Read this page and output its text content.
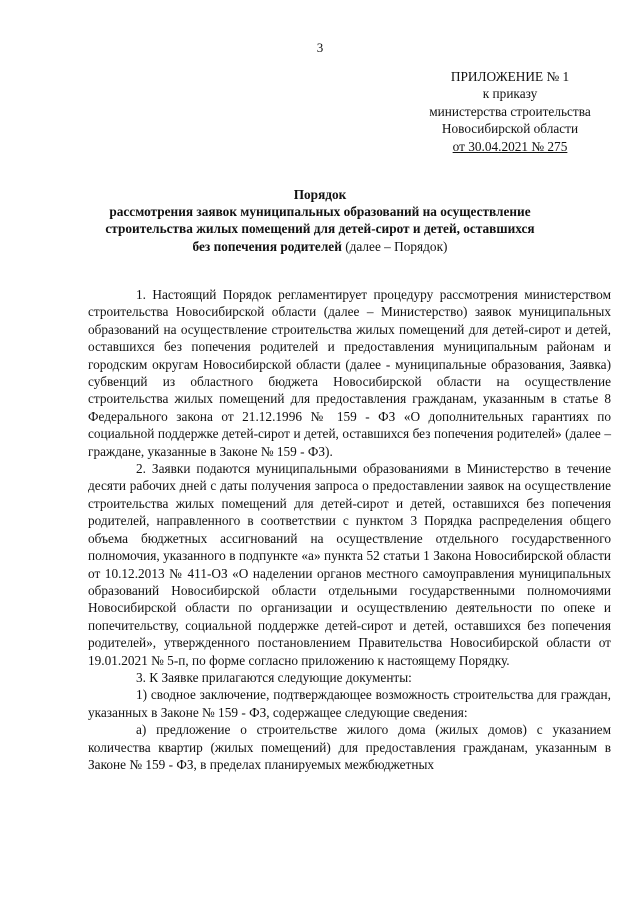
3
ПРИЛОЖЕНИЕ № 1
к приказу
министерства строительства
Новосибирской области
от 30.04.2021 № 275
Порядок
рассмотрения заявок муниципальных образований на осуществление строительства жилых помещений для детей-сирот и детей, оставшихся без попечения родителей (далее – Порядок)

1. Настоящий Порядок регламентирует процедуру рассмотрения министерством строительства Новосибирской области (далее – Министерство) заявок муниципальных образований на осуществление строительства жилых помещений для детей-сирот и детей, оставшихся без попечения родителей и предоставления муниципальным районам и городским округам Новосибирской области (далее - муниципальные образования, Заявка) субвенций из областного бюджета Новосибирской области на осуществление строительства жилых помещений для предоставления гражданам, указанным в статье 8 Федерального закона от 21.12.1996 № 159 - ФЗ «О дополнительных гарантиях по социальной поддержке детей-сирот и детей, оставшихся без попечения родителей» (далее – граждане, указанные в Законе № 159 - ФЗ).

2. Заявки подаются муниципальными образованиями в Министерство в течение десяти рабочих дней с даты получения запроса о предоставлении заявок на осуществление строительства жилых помещений для детей-сирот и детей, оставшихся без попечения родителей, направленного в соответствии с пунктом 3 Порядка распределения общего объема бюджетных ассигнований на осуществление отдельного государственного полномочия, указанного в подпункте «а» пункта 52 статьи 1 Закона Новосибирской области от 10.12.2013 № 411-ОЗ «О наделении органов местного самоуправления муниципальных образований Новосибирской области отдельными государственными полномочиями Новосибирской области по организации и осуществлению деятельности по опеке и попечительству, социальной поддержке детей-сирот и детей, оставшихся без попечения родителей», утвержденного постановлением Правительства Новосибирской области от 19.01.2021 № 5-п, по форме согласно приложению к настоящему Порядку.

3. К Заявке прилагаются следующие документы:

1) сводное заключение, подтверждающее возможность строительства для граждан, указанных в Законе № 159 - ФЗ, содержащее следующие сведения:

а) предложение о строительстве жилого дома (жилых домов) с указанием количества квартир (жилых помещений) для предоставления гражданам, указанным в Законе № 159 - ФЗ, в пределах планируемых межбюджетных
